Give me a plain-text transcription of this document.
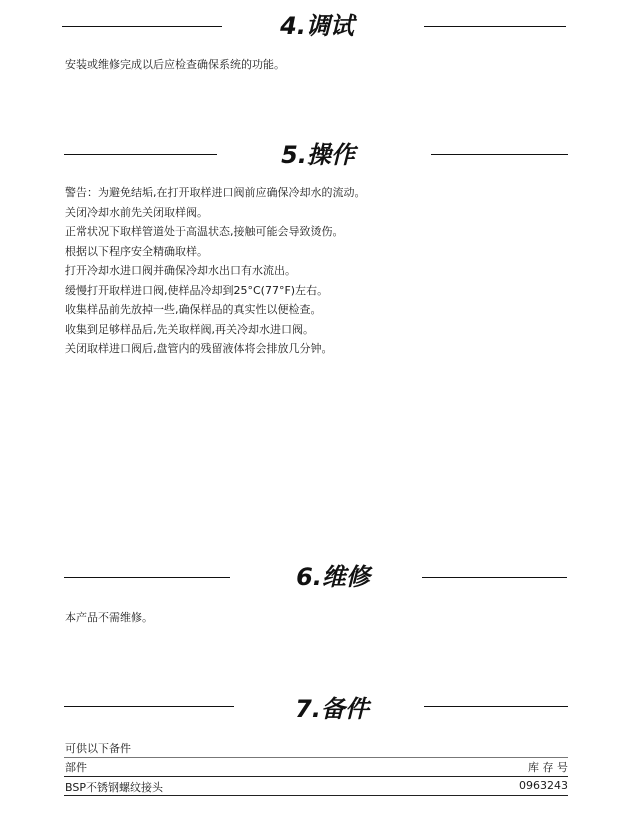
4.调试
安装或维修完成以后应检查确保系统的功能。
5.操作
警告：为避免结垢,在打开取样进口阀前应确保冷却水的流动。
关闭冷却水前先关闭取样阀。
正常状况下取样管道处于高温状态,接触可能会导致烫伤。
根据以下程序安全精确取样。
打开冷却水进口阀并确保冷却水出口有水流出。
缓慢打开取样进口阀,使样品冷却到25°C(77°F)左右。
收集样品前先放掉一些,确保样品的真实性以便检查。
收集到足够样品后,先关取样阀,再关冷却水进口阀。
关闭取样进口阀后,盘管内的残留液体将会排放几分钟。
6.维修
本产品不需维修。
7.备件
可供以下备件
部件	库 存 号
BSP不锈钢螺纹接头	0963243
